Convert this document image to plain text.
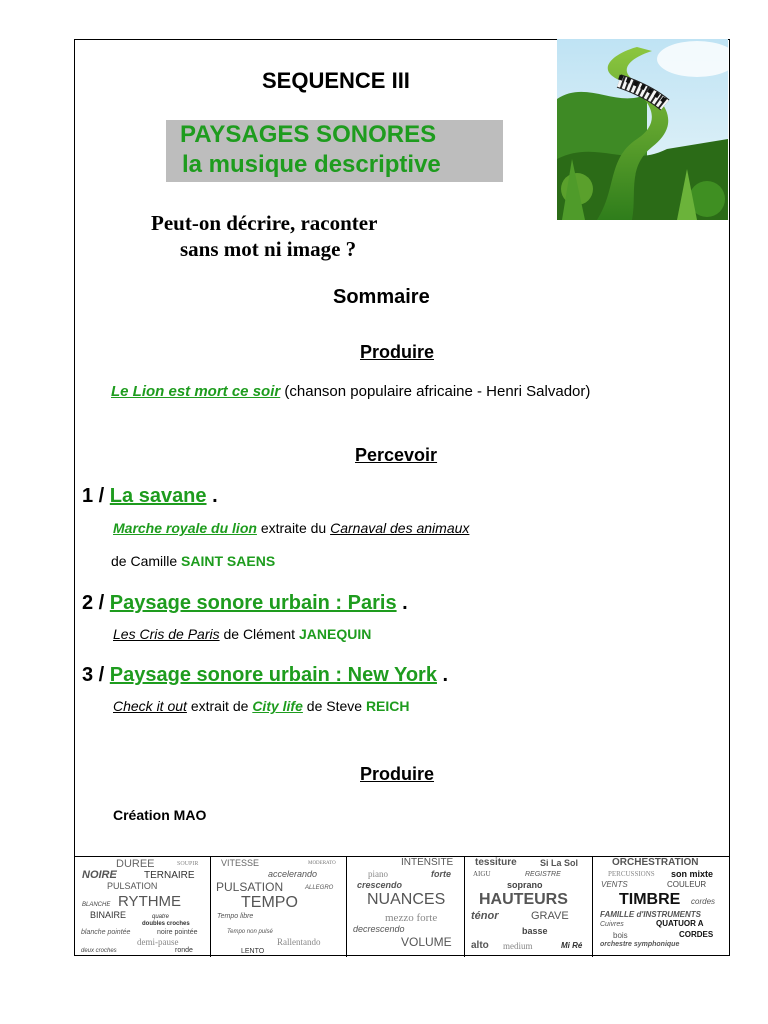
SEQUENCE III
PAYSAGES SONORES
la musique descriptive
Peut-on décrire, raconter
sans mot ni image ?
Sommaire
Produire
Le Lion est mort ce soir (chanson populaire africaine - Henri Salvador)
Percevoir
1 / La savane .
Marche royale du lion extraite du Carnaval des animaux
de Camille SAINT SAENS
2 / Paysage sonore urbain : Paris .
Les Cris de Paris de Clément JANEQUIN
3 / Paysage sonore urbain : New York .
Check it out extrait de City life de Steve REICH
Produire
Création MAO
DUREE	SOUPIR
NOIRE	TERNAIRE
PULSATION
BLANCHE RYTHME
BINAIRE	quatre
doubles croches
blanche pointée	noire pointée
demi-pause
deux croches	ronde
VITESSE	MODERATO
accelerando
PULSATION	ALLEGRO
TEMPO
Tempo libre
Tempo non pulsé
Rallentando
LENTO
INTENSITE
piano	forte
crescendo
NUANCES
mezzo forte
decrescendo
VOLUME
tessiture	Si La Sol
AIGU	REGISTRE
soprano
HAUTEURS
ténor	GRAVE
basse
alto medium	Mi Ré
ORCHESTRATION
PERCUSSIONS son mixte
VENTS	COULEUR
TIMBRE cordes
FAMILLE d'INSTRUMENTS
Cuivres	QUATUOR A
bois	CORDES
orchestre symphonique
